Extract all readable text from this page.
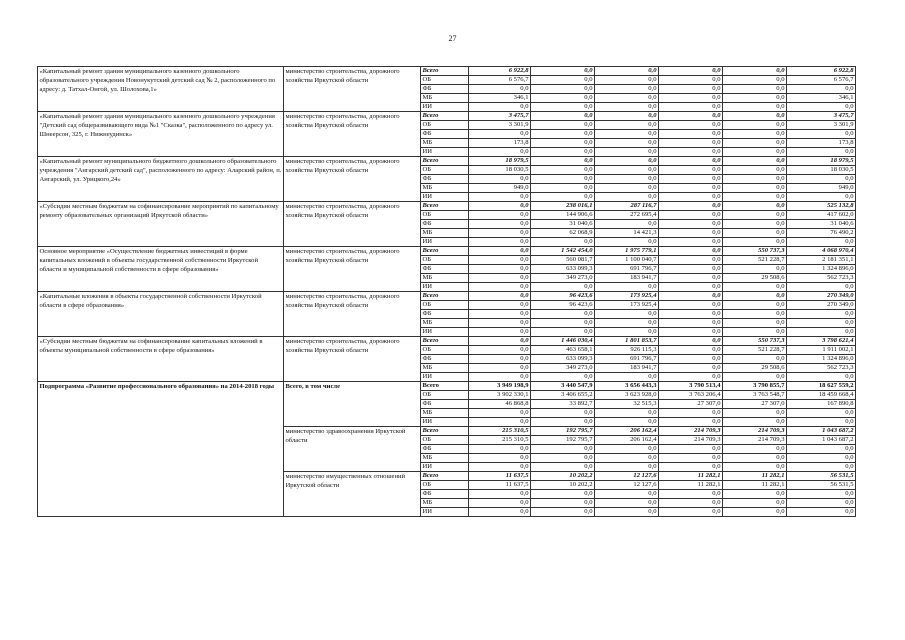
27
«Капитальный ремонт здания муниципального казенного дошкольного образовательного учреждения Новонукутский детский сад № 2, расположенного по адресу: д. Татхал-Онгой, ул. Шолохова,1»	министерство строительства, дорожного хозяйства Иркутской области	Всего	6 922,8	0,0	0,0	0,0	0,0	6 922,8
		ОБ	6 576,7	0,0	0,0	0,0	0,0	6 576,7
		ФБ	0,0	0,0	0,0	0,0	0,0	0,0
		МБ	346,1	0,0	0,0	0,0	0,0	346,1
		ИИ	0,0	0,0	0,0	0,0	0,0	0,0
«Капитальный ремонт здания муниципального казенного дошкольного учреждения "Детский сад общеразвивающего вида №1 "Сказка", расположенного по адресу ул. Шнеерсон, 325, г. Нижнеудинск»	министерство строительства, дорожного хозяйства Иркутской области	Всего	3 475,7	0,0	0,0	0,0	0,0	3 475,7
		ОБ	3 301,9	0,0	0,0	0,0	0,0	3 301,9
		ФБ	0,0	0,0	0,0	0,0	0,0	0,0
		МБ	173,8	0,0	0,0	0,0	0,0	173,8
		ИИ	0,0	0,0	0,0	0,0	0,0	0,0
«Капитальный ремонт муниципального бюджетного дошкольного образовательного учреждения "Ангарский детский сад", расположенного по адресу: Аларский район, п. Ангарский, ул. Урицкого,24»	министерство строительства, дорожного хозяйства Иркутской области	Всего	18 979,5	0,0	0,0	0,0	0,0	18 979,5
		ОБ	18 030,5	0,0	0,0	0,0	0,0	18 030,5
		ФБ	0,0	0,0	0,0	0,0	0,0	0,0
		МБ	949,0	0,0	0,0	0,0	0,0	949,0
		ИИ	0,0	0,0	0,0	0,0	0,0	0,0
«Субсидии местным бюджетам на софинансирование мероприятий по капитальному ремонту образовательных организаций Иркутской области»	министерство строительства, дорожного хозяйства Иркутской области	Всего	0,0	238 016,1	287 116,7	0,0	0,0	525 132,8
		ОБ	0,0	144 906,6	272 695,4	0,0	0,0	417 602,0
		ФБ	0,0	31 040,6	0,0	0,0	0,0	31 040,6
		МБ	0,0	62 068,9	14 421,3	0,0	0,0	76 490,2
		ИИ	0,0	0,0	0,0	0,0	0,0	0,0
Основное мероприятие «Осуществление бюджетных инвестиций в форме капитальных вложений в объекты государственной собственности Иркутской области и муниципальной собственности в сфере образования»	министерство строительства, дорожного хозяйства Иркутской области	Всего	0,0	1 542 454,0	1 975 779,1	0,0	550 737,3	4 068 970,4
		ОБ	0,0	560 081,7	1 100 040,7	0,0	521 228,7	2 181 351,1
		ФБ	0,0	633 099,3	691 796,7	0,0	0,0	1 324 896,0
		МБ	0,0	349 273,0	183 941,7	0,0	29 508,6	562 723,3
		ИИ	0,0	0,0	0,0	0,0	0,0	0,0
«Капитальные вложения в объекты государственной собственности Иркутской области в сфере образования»	министерство строительства, дорожного хозяйства Иркутской области	Всего	0,0	96 423,6	173 925,4	0,0	0,0	270 349,0
		ОБ	0,0	96 423,6	173 925,4	0,0	0,0	270 349,0
		ФБ	0,0	0,0	0,0	0,0	0,0	0,0
		МБ	0,0	0,0	0,0	0,0	0,0	0,0
		ИИ	0,0	0,0	0,0	0,0	0,0	0,0
«Субсидии местным бюджетам на софинансирование капитальных вложений в объекты муниципальной собственности в сфере образования»	министерство строительства, дорожного хозяйства Иркутской области	Всего	0,0	1 446 030,4	1 801 853,7	0,0	550 737,3	3 798 621,4
		ОБ	0,0	463 658,1	926 115,3	0,0	521 228,7	1 911 002,1
		ФБ	0,0	633 099,3	691 796,7	0,0	0,0	1 324 896,0
		МБ	0,0	349 273,0	183 941,7	0,0	29 508,6	562 723,3
		ИИ	0,0	0,0	0,0	0,0	0,0	0,0
Подпрограмма «Развитие профессионального образования» на 2014-2018 годы	Всего, в том числе	Всего	3 949 198,9	3 440 547,9	3 656 443,3	3 790 513,4	3 790 855,7	18 627 559,2
		ОБ	3 902 330,1	3 406 655,2	3 623 928,0	3 763 206,4	3 763 548,7	18 459 668,4
		ФБ	46 868,8	33 892,7	32 515,3	27 307,0	27 307,0	167 890,8
		МБ	0,0	0,0	0,0	0,0	0,0	0,0
		ИИ	0,0	0,0	0,0	0,0	0,0	0,0
	министерство здравоохранения Иркутской области	Всего	215 310,5	192 795,7	206 162,4	214 709,3	214 709,3	1 043 687,2
		ОБ	215 310,5	192 795,7	206 162,4	214 709,3	214 709,3	1 043 687,2
		ФБ	0,0	0,0	0,0	0,0	0,0	0,0
		МБ	0,0	0,0	0,0	0,0	0,0	0,0
		ИИ	0,0	0,0	0,0	0,0	0,0	0,0
	министерство имущественных отношений Иркутской области	Всего	11 637,5	10 202,2	12 127,6	11 282,1	11 282,1	56 531,5
		ОБ	11 637,5	10 202,2	12 127,6	11 282,1	11 282,1	56 531,5
		ФБ	0,0	0,0	0,0	0,0	0,0	0,0
		МБ	0,0	0,0	0,0	0,0	0,0	0,0
		ИИ	0,0	0,0	0,0	0,0	0,0	0,0
